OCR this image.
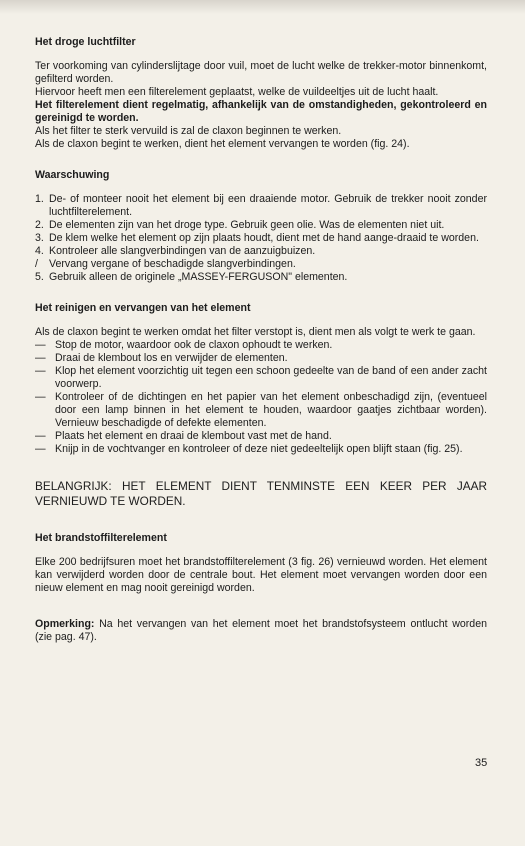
Het droge luchtfilter

Ter voorkoming van cylinderslijtage door vuil, moet de lucht welke de trekker-motor binnenkomt, gefilterd worden.

Hiervoor heeft men een filterelement geplaatst, welke de vuildeeltjes uit de lucht haalt.

Het filterelement dient regelmatig, afhankelijk van de omstandigheden, gekontroleerd en gereinigd te worden.

Als het filter te sterk vervuild is zal de claxon beginnen te werken.

Als de claxon begint te werken, dient het element vervangen te worden (fig. 24).

Waarschuwing
1. De- of monteer nooit het element bij een draaiende motor. Gebruik de trekker nooit zonder luchtfilterelement.
2. De elementen zijn van het droge type. Gebruik geen olie. Was de elementen niet uit.
3. De klem welke het element op zijn plaats houdt, dient met de hand aange-draaid te worden.
4. Kontroleer alle slangverbindingen van de aanzuigbuizen.
/ Vervang vergane of beschadigde slangverbindingen.
5. Gebruik alleen de originele „MASSEY-FERGUSON" elementen.
Het reinigen en vervangen van het element

Als de claxon begint te werken omdat het filter verstopt is, dient men als volgt te werk te gaan.

— Stop de motor, waardoor ook de claxon ophoudt te werken.
— Draai de klembout los en verwijder de elementen.
— Klop het element voorzichtig uit tegen een schoon gedeelte van de band of een ander zacht voorwerp.
— Kontroleer of de dichtingen en het papier van het element onbeschadigd zijn, (eventueel door een lamp binnen in het element te houden, waardoor gaatjes zichtbaar worden). Vernieuw beschadigde of defekte elementen.
— Plaats het element en draai de klembout vast met de hand.
— Knijp in de vochtvanger en kontroleer of deze niet gedeeltelijk open blijft staan (fig. 25).

BELANGRIJK: HET ELEMENT DIENT TENMINSTE EEN KEER PER JAAR VERNIEUWD TE WORDEN.

Het brandstoffilterelement

Elke 200 bedrijfsuren moet het brandstoffilterelement (3 fig. 26) vernieuwd worden. Het element kan verwijderd worden door de centrale bout. Het element moet vervangen worden door een nieuw element en mag nooit gereinigd worden.

Opmerking: Na het vervangen van het element moet het brandstofsysteem ontlucht worden (zie pag. 47).

35
